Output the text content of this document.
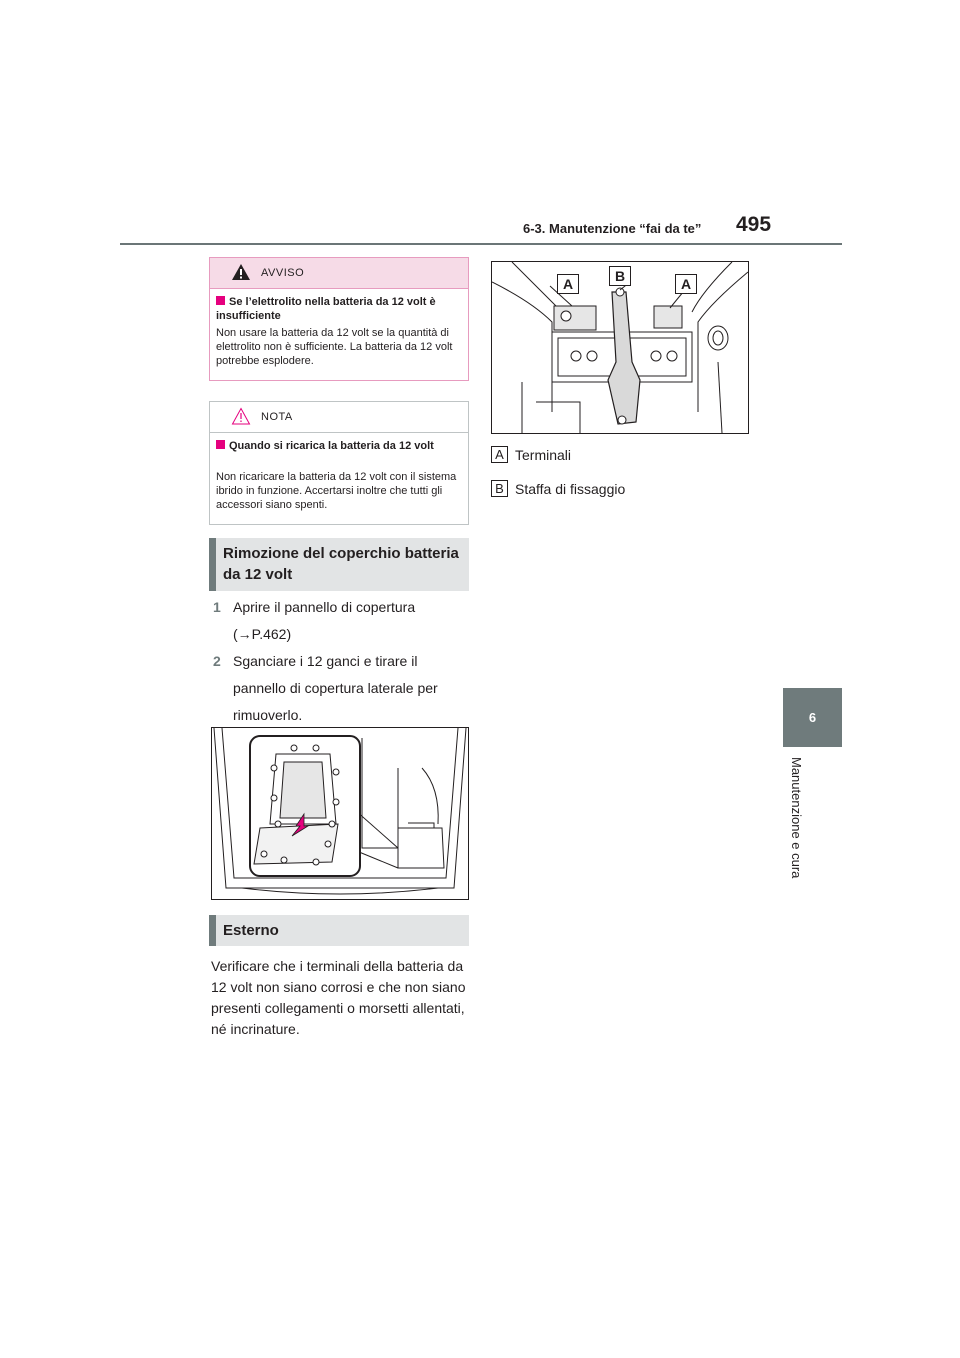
6-3. Manutenzione “fai da te” 495
6
Manutenzione e cura
AVVISO
Se l’elettrolito nella batteria da 12 volt è insufficiente
Non usare la batteria da 12 volt se la quantità di elettrolito non è sufficiente. La batteria da 12 volt potrebbe esplodere.
NOTA
Quando si ricarica la batteria da 12 volt
Non ricaricare la batteria da 12 volt con il sistema ibrido in funzione. Accertarsi inoltre che tutti gli accessori siano spenti.
Rimozione del coperchio batteria da 12 volt
1 Aprire il pannello di copertura (→P.462)
2 Sganciare i 12 ganci e tirare il pannello di copertura laterale per rimuoverlo.
Esterno
Verificare che i terminali della batteria da 12 volt non siano corrosi e che non siano presenti collegamenti o morsetti allentati, né incrinature.
A	B	A
A Terminali
B Staffa di fissaggio
